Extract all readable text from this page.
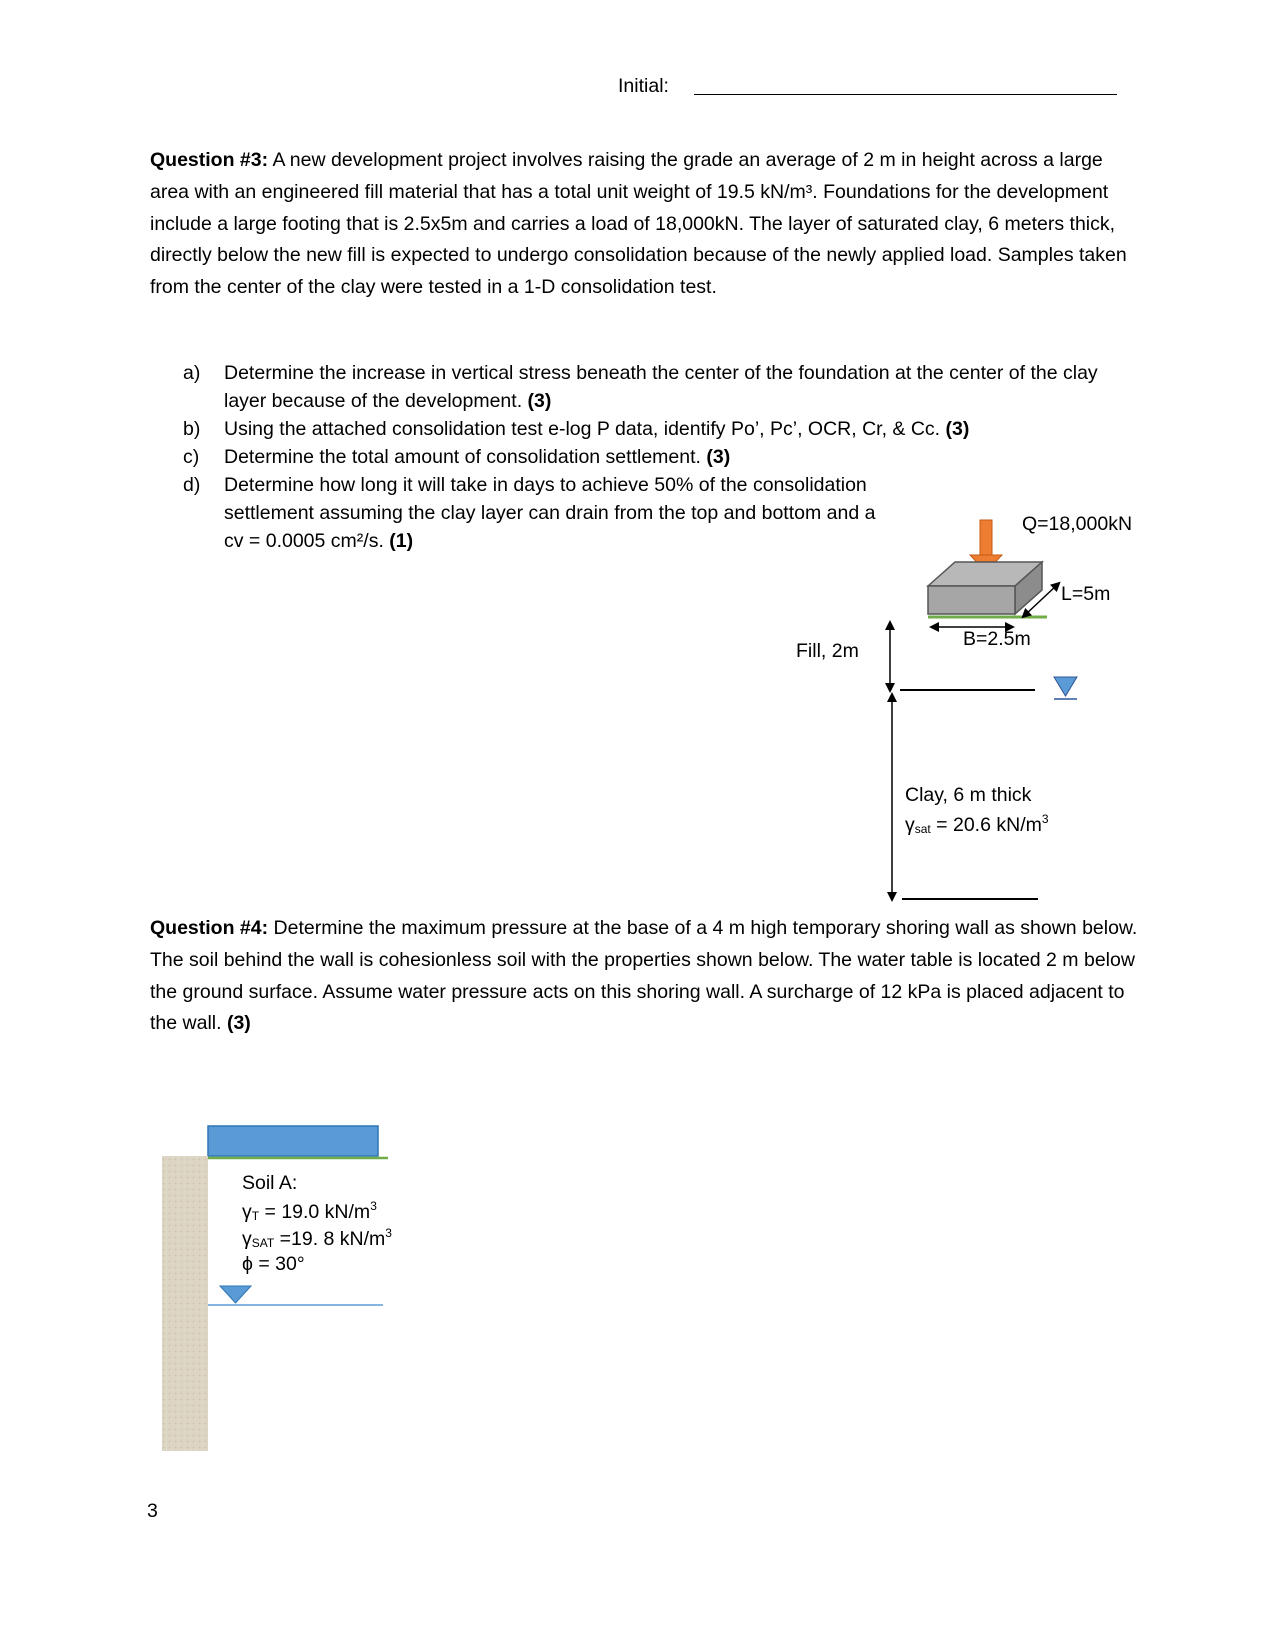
Initial:
Question #3: A new development project involves raising the grade an average of 2 m in height across a large area with an engineered fill material that has a total unit weight of 19.5 kN/m³. Foundations for the development include a large footing that is 2.5x5m and carries a load of 18,000kN. The layer of saturated clay, 6 meters thick, directly below the new fill is expected to undergo consolidation because of the newly applied load. Samples taken from the center of the clay were tested in a 1-D consolidation test.
a) Determine the increase in vertical stress beneath the center of the foundation at the center of the clay layer because of the development. (3)
b) Using the attached consolidation test e-log P data, identify Po’, Pc’, OCR, Cr, & Cc. (3)
c) Determine the total amount of consolidation settlement. (3)
d) Determine how long it will take in days to achieve 50% of the consolidation settlement assuming the clay layer can drain from the top and bottom and a cv = 0.0005 cm²/s. (1)
Q=18,000kN
L=5m
B=2.5m
Fill, 2m
Clay, 6 m thick
γsat = 20.6 $kN/m^3$
Question #4: Determine the maximum pressure at the base of a 4 m high temporary shoring wall as shown below. The soil behind the wall is cohesionless soil with the properties shown below. The water table is located 2 m below the ground surface. Assume water pressure acts on this shoring wall. A surcharge of 12 kPa is placed adjacent to the wall. (3)
Soil A:
γT = 19.0 $kN/m^3$
γSAT =19. 8 $kN/m^3$
ϕ = 30°
3
